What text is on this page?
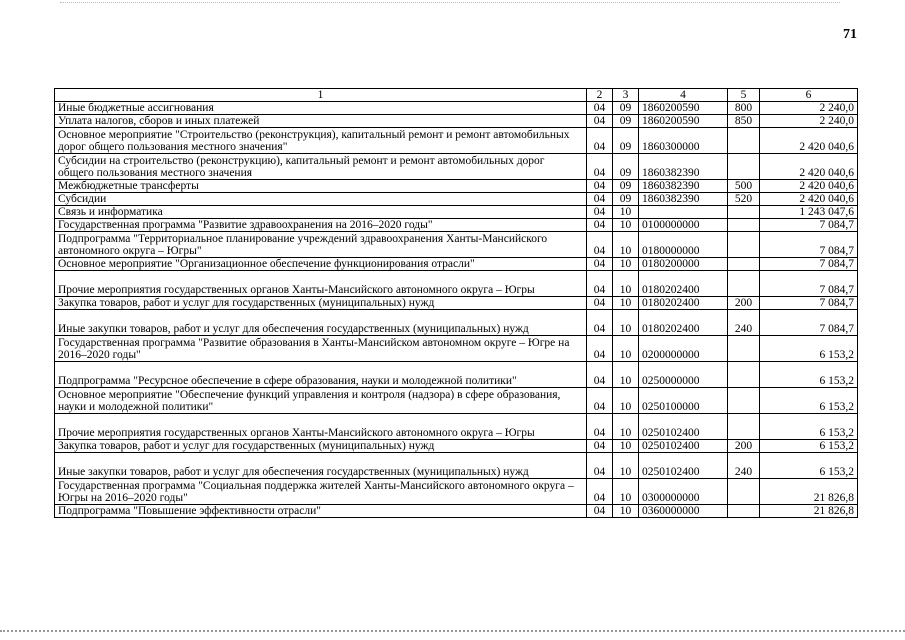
71
1	2	3	4	5	6
Иные бюджетные ассигнования	04	09	1860200590	800	2 240,0
Уплата налогов, сборов и иных платежей	04	09	1860200590	850	2 240,0
Основное мероприятие "Строительство (реконструкция), капитальный ремонт и ремонт автомобильных дорог общего пользования местного значения"	04	09	1860300000		2 420 040,6
Субсидии на строительство (реконструкцию), капитальный ремонт и ремонт автомобильных дорог общего пользования местного значения	04	09	1860382390		2 420 040,6
Межбюджетные трансферты	04	09	1860382390	500	2 420 040,6
Субсидии	04	09	1860382390	520	2 420 040,6
Связь и информатика	04	10			1 243 047,6
Государственная программа "Развитие здравоохранения на 2016–2020 годы"	04	10	0100000000		7 084,7
Подпрограмма "Территориальное планирование учреждений здравоохранения Ханты-Мансийского автономного округа – Югры"	04	10	0180000000		7 084,7
Основное мероприятие "Организационное обеспечение функционирования отрасли"	04	10	0180200000		7 084,7
Прочие мероприятия государственных органов Ханты-Мансийского автономного округа – Югры	04	10	0180202400		7 084,7
Закупка товаров, работ и услуг для государственных (муниципальных) нужд	04	10	0180202400	200	7 084,7
Иные закупки товаров, работ и услуг для обеспечения государственных (муниципальных) нужд	04	10	0180202400	240	7 084,7
Государственная программа "Развитие образования в Ханты-Мансийском автономном округе – Югре на 2016–2020 годы"	04	10	0200000000		6 153,2
Подпрограмма "Ресурсное обеспечение в сфере образования, науки и молодежной политики"	04	10	0250000000		6 153,2
Основное мероприятие "Обеспечение функций управления и контроля (надзора) в сфере образования, науки и молодежной политики"	04	10	0250100000		6 153,2
Прочие мероприятия государственных органов Ханты-Мансийского автономного округа – Югры	04	10	0250102400		6 153,2
Закупка товаров, работ и услуг для государственных (муниципальных) нужд	04	10	0250102400	200	6 153,2
Иные закупки товаров, работ и услуг для обеспечения государственных (муниципальных) нужд	04	10	0250102400	240	6 153,2
Государственная программа "Социальная поддержка жителей Ханты-Мансийского автономного округа – Югры на 2016–2020 годы"	04	10	0300000000		21 826,8
Подпрограмма "Повышение эффективности отрасли"	04	10	0360000000		21 826,8
